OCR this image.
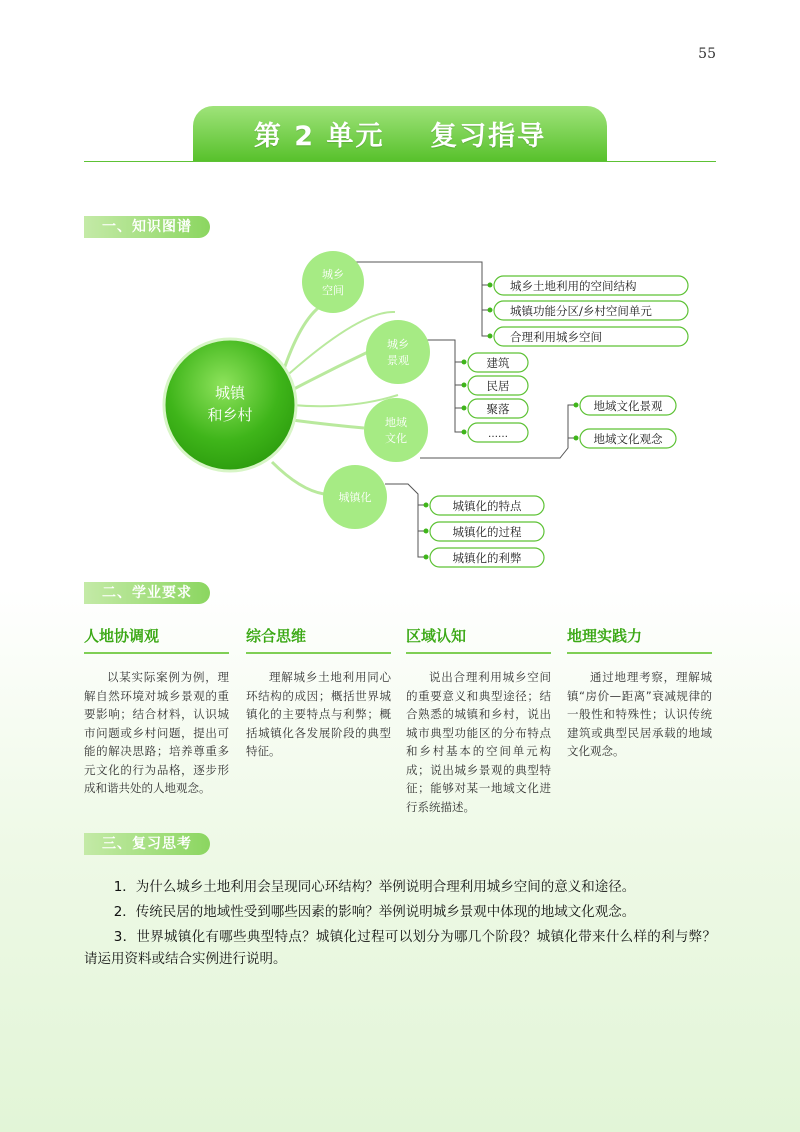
55
第 2 单元    复习指导
一、知识图谱
城镇
和乡村
城乡
空间
城乡
景观
地域
文化
城镇化
城乡土地利用的空间结构
城镇功能分区/乡村空间单元
合理利用城乡空间
建筑
民居
聚落
……
地域文化景观
地域文化观念
城镇化的特点
城镇化的过程
城镇化的利弊
二、学业要求
人地协调观
以某实际案例为例，理解自然环境对城乡景观的重要影响；结合材料，认识城市问题或乡村问题，提出可能的解决思路；培养尊重多元文化的行为品格，逐步形成和谐共处的人地观念。
综合思维
理解城乡土地利用同心环结构的成因；概括世界城镇化的主要特点与利弊；概括城镇化各发展阶段的典型特征。
区域认知
说出合理利用城乡空间的重要意义和典型途径；结合熟悉的城镇和乡村，说出城市典型功能区的分布特点和乡村基本的空间单元构成；说出城乡景观的典型特征；能够对某一地域文化进行系统描述。
地理实践力
通过地理考察，理解城镇“房价—距离”衰减规律的一般性和特殊性；认识传统建筑或典型民居承载的地域文化观念。
三、复习思考

1．为什么城乡土地利用会呈现同心环结构？举例说明合理利用城乡空间的意义和途径。

2．传统民居的地域性受到哪些因素的影响？举例说明城乡景观中体现的地域文化观念。

3．世界城镇化有哪些典型特点？城镇化过程可以划分为哪几个阶段？城镇化带来什么样的利与弊？请运用资料或结合实例进行说明。
